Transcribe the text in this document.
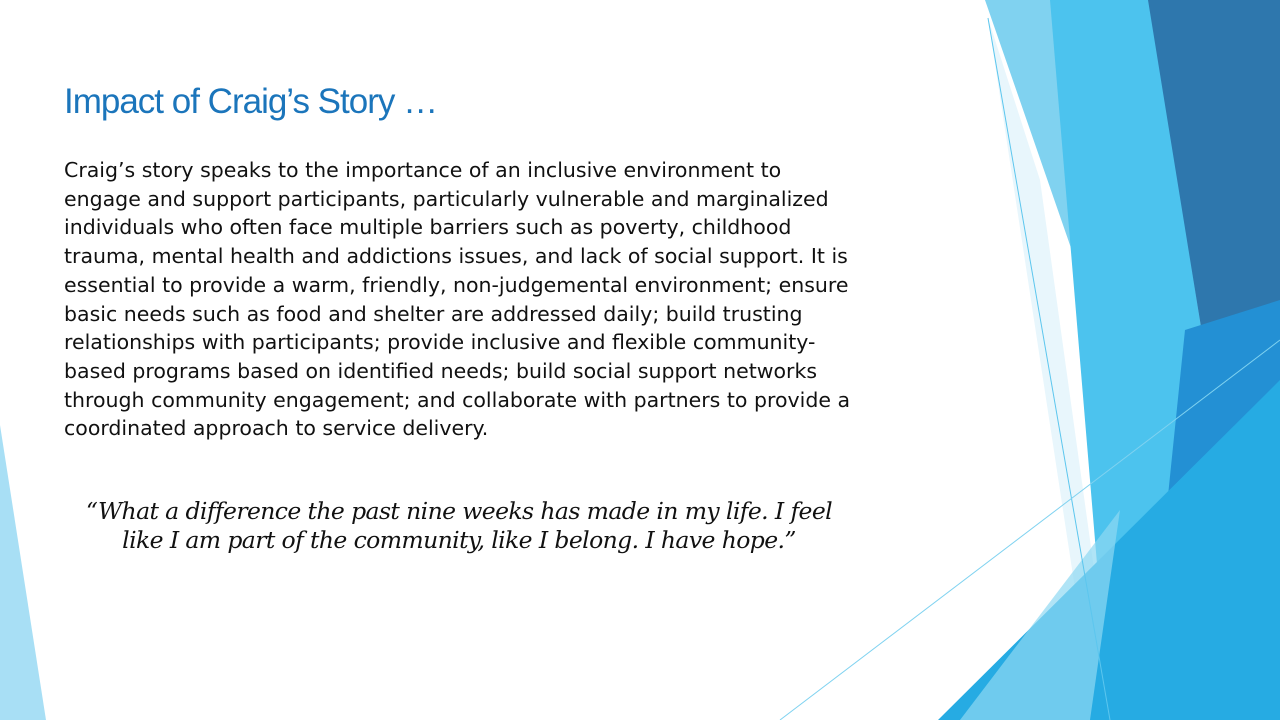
Impact of Craig’s Story …

Craig’s story speaks to the importance of an inclusive environment to engage and support participants, particularly vulnerable and marginalized individuals who often face multiple barriers such as poverty, childhood trauma, mental health and addictions issues, and lack of social support. It is essential to provide a warm, friendly, non-judgemental environment; ensure basic needs such as food and shelter are addressed daily; build trusting relationships with participants; provide inclusive and flexible community-based programs based on identified needs; build social support networks through community engagement; and collaborate with partners to provide a coordinated approach to service delivery.

“What a difference the past nine weeks has made in my life. I feel like I am part of the community, like I belong. I have hope.”
